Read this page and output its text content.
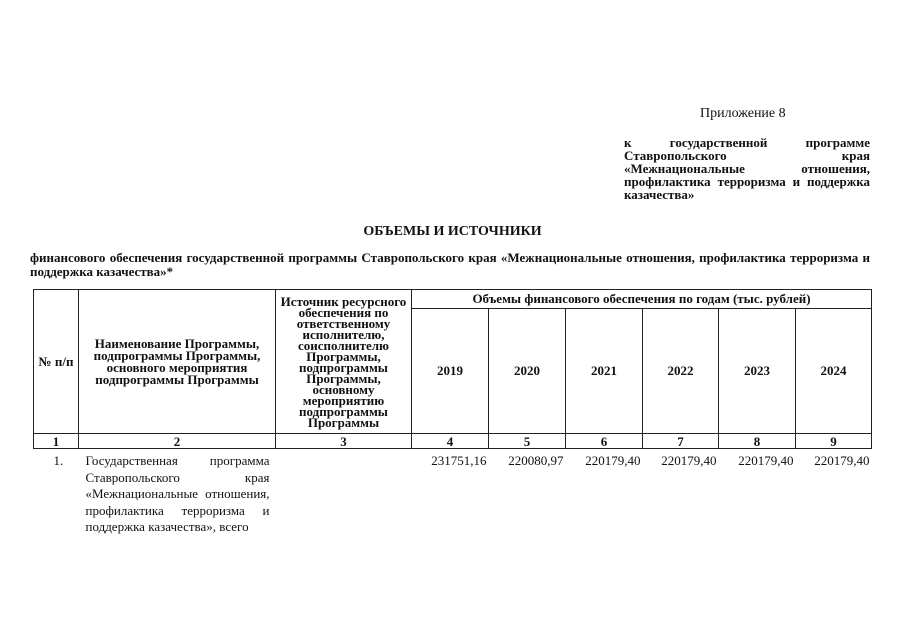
Приложение 8
к государственной программе Ставропольского края «Межнациональные отношения, профилактика терроризма и поддержка казачества»
ОБЪЕМЫ И ИСТОЧНИКИ
финансового обеспечения государственной программы Ставропольского края «Межнациональные отношения, профилактика терроризма и поддержка казачества»*
№ п/п	Наименование Программы, подпрограммы Программы, основного мероприятия подпрограммы Программы	Источник ресурсного обеспечения по ответственному исполнителю, соисполнителю Программы, подпрограммы Программы, основному мероприятию подпрограммы Программы	Объемы финансового обеспечения по годам (тыс. рублей)					
			2019	2020	2021	2022	2023	2024
1	2	3	4	5	6	7	8	9
1.	Государственная программа Ставропольского края «Межнациональные отношения, профилактика терроризма и поддержка казачества», всего		231751,16	220080,97	220179,40	220179,40	220179,40	220179,40
